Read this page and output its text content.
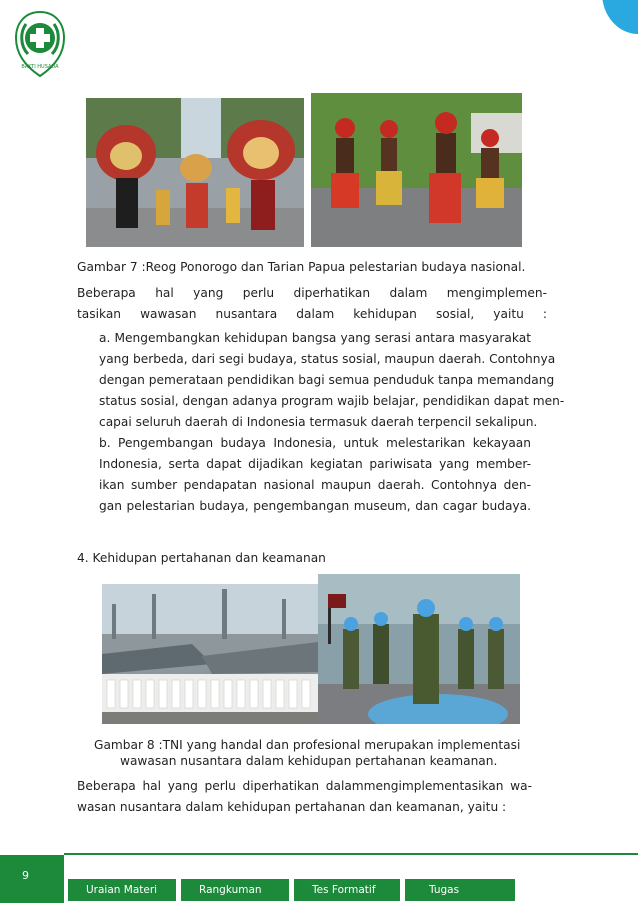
BAKTI HUSADA
Gambar 7 :Reog Ponorogo dan Tarian Papua pelestarian budaya nasional.
Beberapa hal yang perlu diperhatikan dalam mengimplemen-
tasikan wawasan nusantara dalam kehidupan sosial, yaitu :
a. Mengembangkan kehidupan bangsa yang serasi antara masyarakat
yang berbeda, dari segi budaya, status sosial, maupun daerah. Contohnya
dengan pemerataan pendidikan bagi semua penduduk tanpa memandang
status sosial, dengan adanya program wajib belajar, pendidikan dapat men-
capai seluruh daerah di Indonesia termasuk daerah terpencil sekalipun.
b. Pengembangan budaya Indonesia, untuk melestarikan kekayaan
Indonesia, serta dapat dijadikan kegiatan pariwisata yang member-
ikan sumber pendapatan nasional maupun daerah. Contohnya den-
gan pelestarian budaya, pengembangan museum, dan cagar budaya.
4. Kehidupan pertahanan dan keamanan
Gambar 8 :TNI yang handal dan profesional merupakan implementasi
wawasan nusantara dalam kehidupan pertahanan keamanan.
Beberapa hal yang perlu diperhatikan dalammengimplementasikan wa-
wasan nusantara dalam kehidupan pertahanan dan keamanan, yaitu :
9
Uraian Materi	Rangkuman	Tes Formatif	Tugas
